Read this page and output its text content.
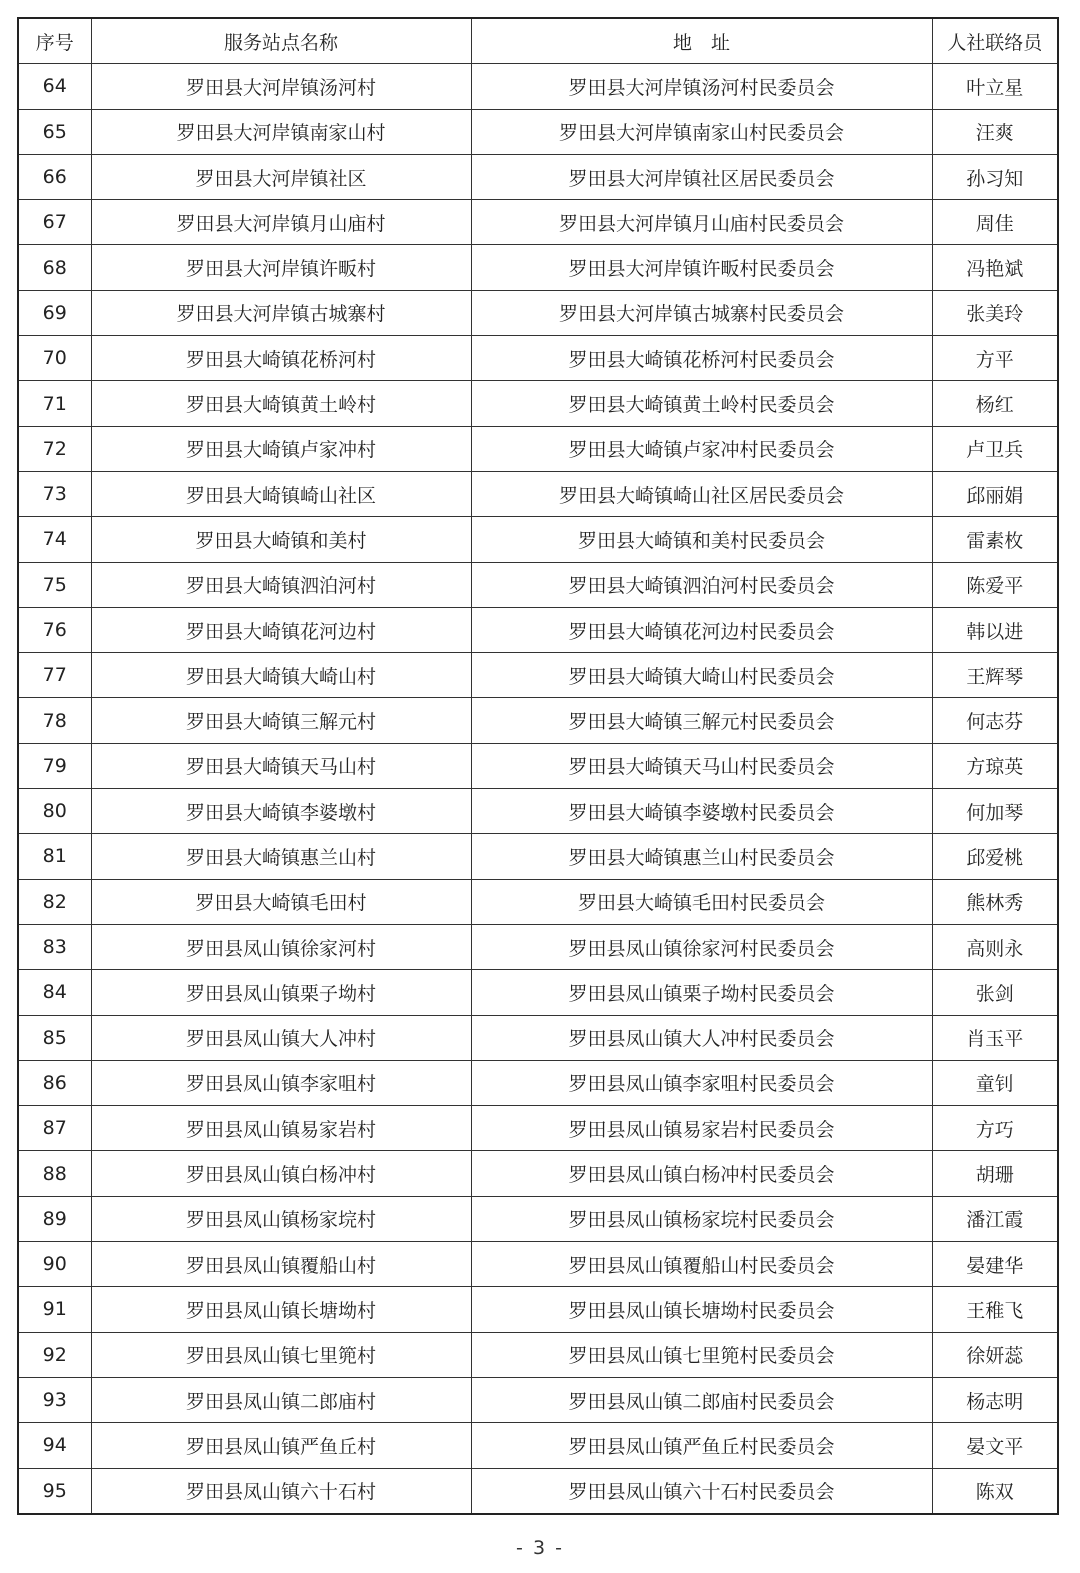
序号	服务站点名称	地　址	人社联络员
64	罗田县大河岸镇汤河村	罗田县大河岸镇汤河村民委员会	叶立星
65	罗田县大河岸镇南家山村	罗田县大河岸镇南家山村民委员会	汪爽
66	罗田县大河岸镇社区	罗田县大河岸镇社区居民委员会	孙习知
67	罗田县大河岸镇月山庙村	罗田县大河岸镇月山庙村民委员会	周佳
68	罗田县大河岸镇许畈村	罗田县大河岸镇许畈村民委员会	冯艳斌
69	罗田县大河岸镇古城寨村	罗田县大河岸镇古城寨村民委员会	张美玲
70	罗田县大崎镇花桥河村	罗田县大崎镇花桥河村民委员会	方平
71	罗田县大崎镇黄土岭村	罗田县大崎镇黄土岭村民委员会	杨红
72	罗田县大崎镇卢家冲村	罗田县大崎镇卢家冲村民委员会	卢卫兵
73	罗田县大崎镇崎山社区	罗田县大崎镇崎山社区居民委员会	邱丽娟
74	罗田县大崎镇和美村	罗田县大崎镇和美村民委员会	雷素枚
75	罗田县大崎镇泗泊河村	罗田县大崎镇泗泊河村民委员会	陈爱平
76	罗田县大崎镇花河边村	罗田县大崎镇花河边村民委员会	韩以进
77	罗田县大崎镇大崎山村	罗田县大崎镇大崎山村民委员会	王辉琴
78	罗田县大崎镇三解元村	罗田县大崎镇三解元村民委员会	何志芬
79	罗田县大崎镇天马山村	罗田县大崎镇天马山村民委员会	方琼英
80	罗田县大崎镇李婆墩村	罗田县大崎镇李婆墩村民委员会	何加琴
81	罗田县大崎镇惠兰山村	罗田县大崎镇惠兰山村民委员会	邱爱桃
82	罗田县大崎镇毛田村	罗田县大崎镇毛田村民委员会	熊林秀
83	罗田县凤山镇徐家河村	罗田县凤山镇徐家河村民委员会	高则永
84	罗田县凤山镇栗子坳村	罗田县凤山镇栗子坳村民委员会	张剑
85	罗田县凤山镇大人冲村	罗田县凤山镇大人冲村民委员会	肖玉平
86	罗田县凤山镇李家咀村	罗田县凤山镇李家咀村民委员会	童钊
87	罗田县凤山镇易家岩村	罗田县凤山镇易家岩村民委员会	方巧
88	罗田县凤山镇白杨冲村	罗田县凤山镇白杨冲村民委员会	胡珊
89	罗田县凤山镇杨家垸村	罗田县凤山镇杨家垸村民委员会	潘江霞
90	罗田县凤山镇覆船山村	罗田县凤山镇覆船山村民委员会	晏建华
91	罗田县凤山镇长塘坳村	罗田县凤山镇长塘坳村民委员会	王稚飞
92	罗田县凤山镇七里篼村	罗田县凤山镇七里篼村民委员会	徐妍蕊
93	罗田县凤山镇二郎庙村	罗田县凤山镇二郎庙村民委员会	杨志明
94	罗田县凤山镇严鱼丘村	罗田县凤山镇严鱼丘村民委员会	晏文平
95	罗田县凤山镇六十石村	罗田县凤山镇六十石村民委员会	陈双
- 3 -
